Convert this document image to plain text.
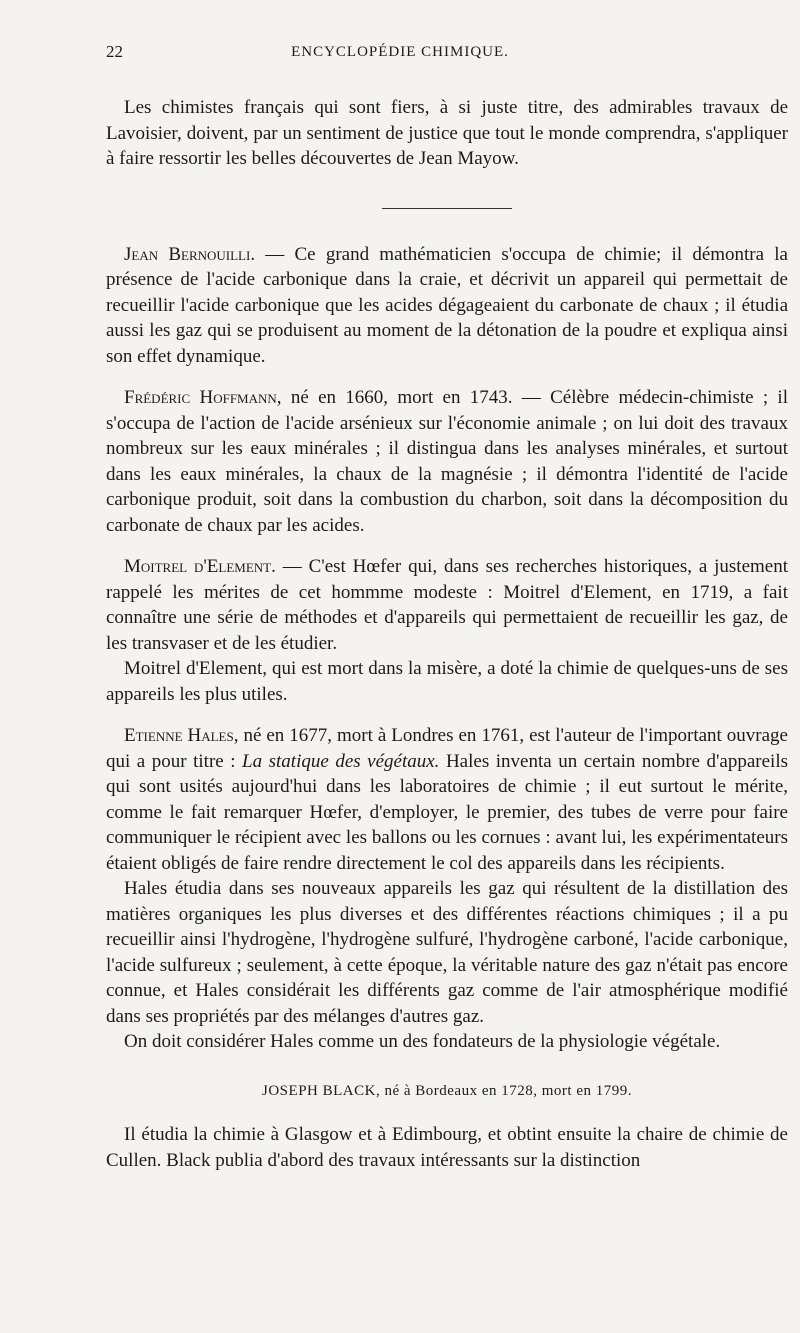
22	ENCYCLOPÉDIE CHIMIQUE.

Les chimistes français qui sont fiers, à si juste titre, des admirables travaux de Lavoisier, doivent, par un sentiment de justice que tout le monde comprendra, s'appliquer à faire ressortir les belles découvertes de Jean Mayow.

Jean Bernouilli. — Ce grand mathématicien s'occupa de chimie; il démontra la présence de l'acide carbonique dans la craie, et décrivit un appareil qui permettait de recueillir l'acide carbonique que les acides dégageaient du carbonate de chaux ; il étudia aussi les gaz qui se produisent au moment de la détonation de la poudre et expliqua ainsi son effet dynamique.

Frédéric Hoffmann, né en 1660, mort en 1743. — Célèbre médecin-chimiste ; il s'occupa de l'action de l'acide arsénieux sur l'économie animale ; on lui doit des travaux nombreux sur les eaux minérales ; il distingua dans les analyses minérales, et surtout dans les eaux minérales, la chaux de la magnésie ; il démontra l'identité de l'acide carbonique produit, soit dans la combustion du charbon, soit dans la décomposition du carbonate de chaux par les acides.

Moitrel d'Element. — C'est Hœfer qui, dans ses recherches historiques, a justement rappelé les mérites de cet hommme modeste : Moitrel d'Element, en 1719, a fait connaître une série de méthodes et d'appareils qui permettaient de recueillir les gaz, de les transvaser et de les étudier.

Moitrel d'Element, qui est mort dans la misère, a doté la chimie de quelques-uns de ses appareils les plus utiles.

Etienne Hales, né en 1677, mort à Londres en 1761, est l'auteur de l'important ouvrage qui a pour titre : La statique des végétaux. Hales inventa un certain nombre d'appareils qui sont usités aujourd'hui dans les laboratoires de chimie ; il eut surtout le mérite, comme le fait remarquer Hœfer, d'employer, le premier, des tubes de verre pour faire communiquer le récipient avec les ballons ou les cornues : avant lui, les expérimentateurs étaient obligés de faire rendre directement le col des appareils dans les récipients.

Hales étudia dans ses nouveaux appareils les gaz qui résultent de la distillation des matières organiques les plus diverses et des différentes réactions chimiques ; il a pu recueillir ainsi l'hydrogène, l'hydrogène sulfuré, l'hydrogène carboné, l'acide carbonique, l'acide sulfureux ; seulement, à cette époque, la véritable nature des gaz n'était pas encore connue, et Hales considérait les différents gaz comme de l'air atmosphérique modifié dans ses propriétés par des mélanges d'autres gaz.

On doit considérer Hales comme un des fondateurs de la physiologie végétale.

JOSEPH BLACK, né à Bordeaux en 1728, mort en 1799.

Il étudia la chimie à Glasgow et à Edimbourg, et obtint ensuite la chaire de chimie de Cullen. Black publia d'abord des travaux intéressants sur la distinction
